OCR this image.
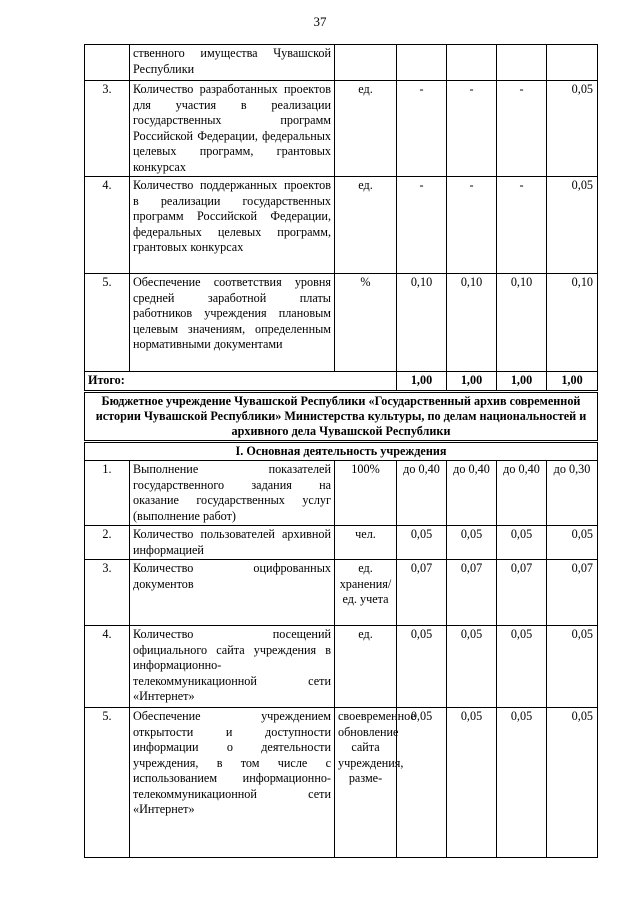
37
	ственного имущества Чувашской Республики					
3.	Количество разработанных проектов для участия в реализации государственных программ Российской Федерации, федеральных целевых программ, грантовых конкурсах	ед.	-	-	-	0,05
4.	Количество поддержанных проектов в реализации государственных программ Российской Федерации, федеральных целевых программ, грантовых конкурсах	ед.	-	-	-	0,05
5.	Обеспечение соответствия уровня средней заработной платы работников учреждения плановым целевым значениям, определенным нормативными документами	%	0,10	0,10	0,10	0,10
Итого:			1,00	1,00	1,00	1,00
Бюджетное учреждение Чувашской Республики «Государственный архив современной истории Чувашской Республики» Министерства культуры, по делам национальностей и архивного дела Чувашской Республики						
I. Основная деятельность учреждения						
1.	Выполнение показателей государственного задания на оказание государственных услуг (выполнение работ)	100%	до 0,40	до 0,40	до 0,40	до 0,30
2.	Количество пользователей архивной информацией	чел.	0,05	0,05	0,05	0,05
3.	Количество оцифрованных документов	ед. хранения/ед. учета	0,07	0,07	0,07	0,07
4.	Количество посещений официального сайта учреждения в информационно-телекоммуникационной сети «Интернет»	ед.	0,05	0,05	0,05	0,05
5.	Обеспечение учреждением открытости и доступности информации о деятельности учреждения, в том числе с использованием информационно-телекоммуникационной сети «Интернет»	своевременное обновление сайта учреждения, разме-	0,05	0,05	0,05	0,05
